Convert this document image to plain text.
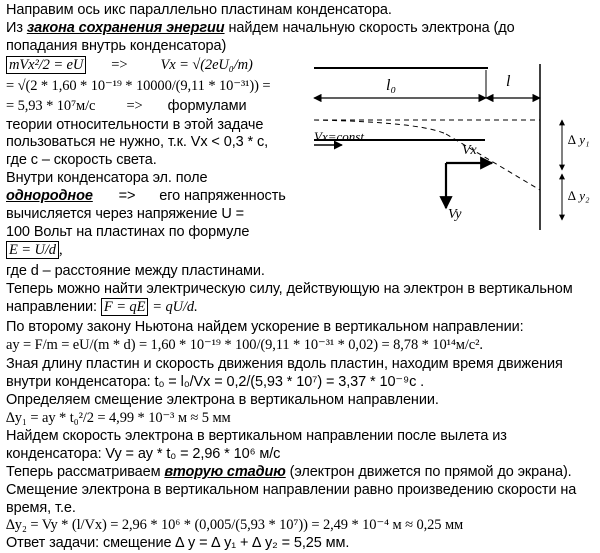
Направим ось икс параллельно пластинам конденсатора.
Из закона сохранения энергии найдем начальную скорость электрона (до
попадания внутрь конденсатора)
mVx²/2 = eU => Vx = √(2eU₀/m)
= √(2 * 1,60 * 10⁻¹⁹ * 10000/(9,11 * 10⁻³¹)) =
= 5,93 * 10⁷м/с => формулами
теории относительности в этой задаче
пользоваться не нужно, т.к. Vx < 0,3 * c,
где c – скорость света.
Внутри конденсатора эл. поле
однородное => его напряженность
вычисляется через напряжение U =
100 Вольт на пластинах по формуле
E = U/d ,
где d – расстояние между пластинами.
Теперь можно найти электрическую силу, действующую на электрон в вертикальном
направлении: F = qE = qU/d.
По второму закону Ньютона найдем ускорение в вертикальном направлении:
ay = F/m = eU/(m * d) = 1,60 * 10⁻¹⁹ * 100/(9,11 * 10⁻³¹ * 0,02) = 8,78 * 10¹⁴м/с².
Зная длину пластин и скорость движения вдоль пластин, находим время движения
внутри конденсатора: t₀ = l₀/Vx = 0,2/(5,93 * 10⁷) = 3,37 * 10⁻⁹c .
Определяем смещение электрона в вертикальном направлении.
∆y₁ = ay * t₀²/2 = 4,99 * 10⁻³ м ≈ 5 мм
Найдем скорость электрона в вертикальном направлении после вылета из
конденсатора: Vy = ay * t₀ = 2,96 * 10⁶ м/с
Теперь рассматриваем вторую стадию (электрон движется по прямой до экрана).
Смещение электрона в вертикальном направлении равно произведению скорости на
время, т.е.
∆y₂ = Vy * (l/Vx) = 2,96 * 10⁶ * (0,005/(5,93 * 10⁷)) = 2,49 * 10⁻⁴ м ≈ 0,25 мм
Ответ задачи: смещение ∆ y = ∆ y₁ + ∆ y₂ = 5,25 мм.
l₀	l
Vx=const
Vx
Vy
∆ y₁
∆ y₂
